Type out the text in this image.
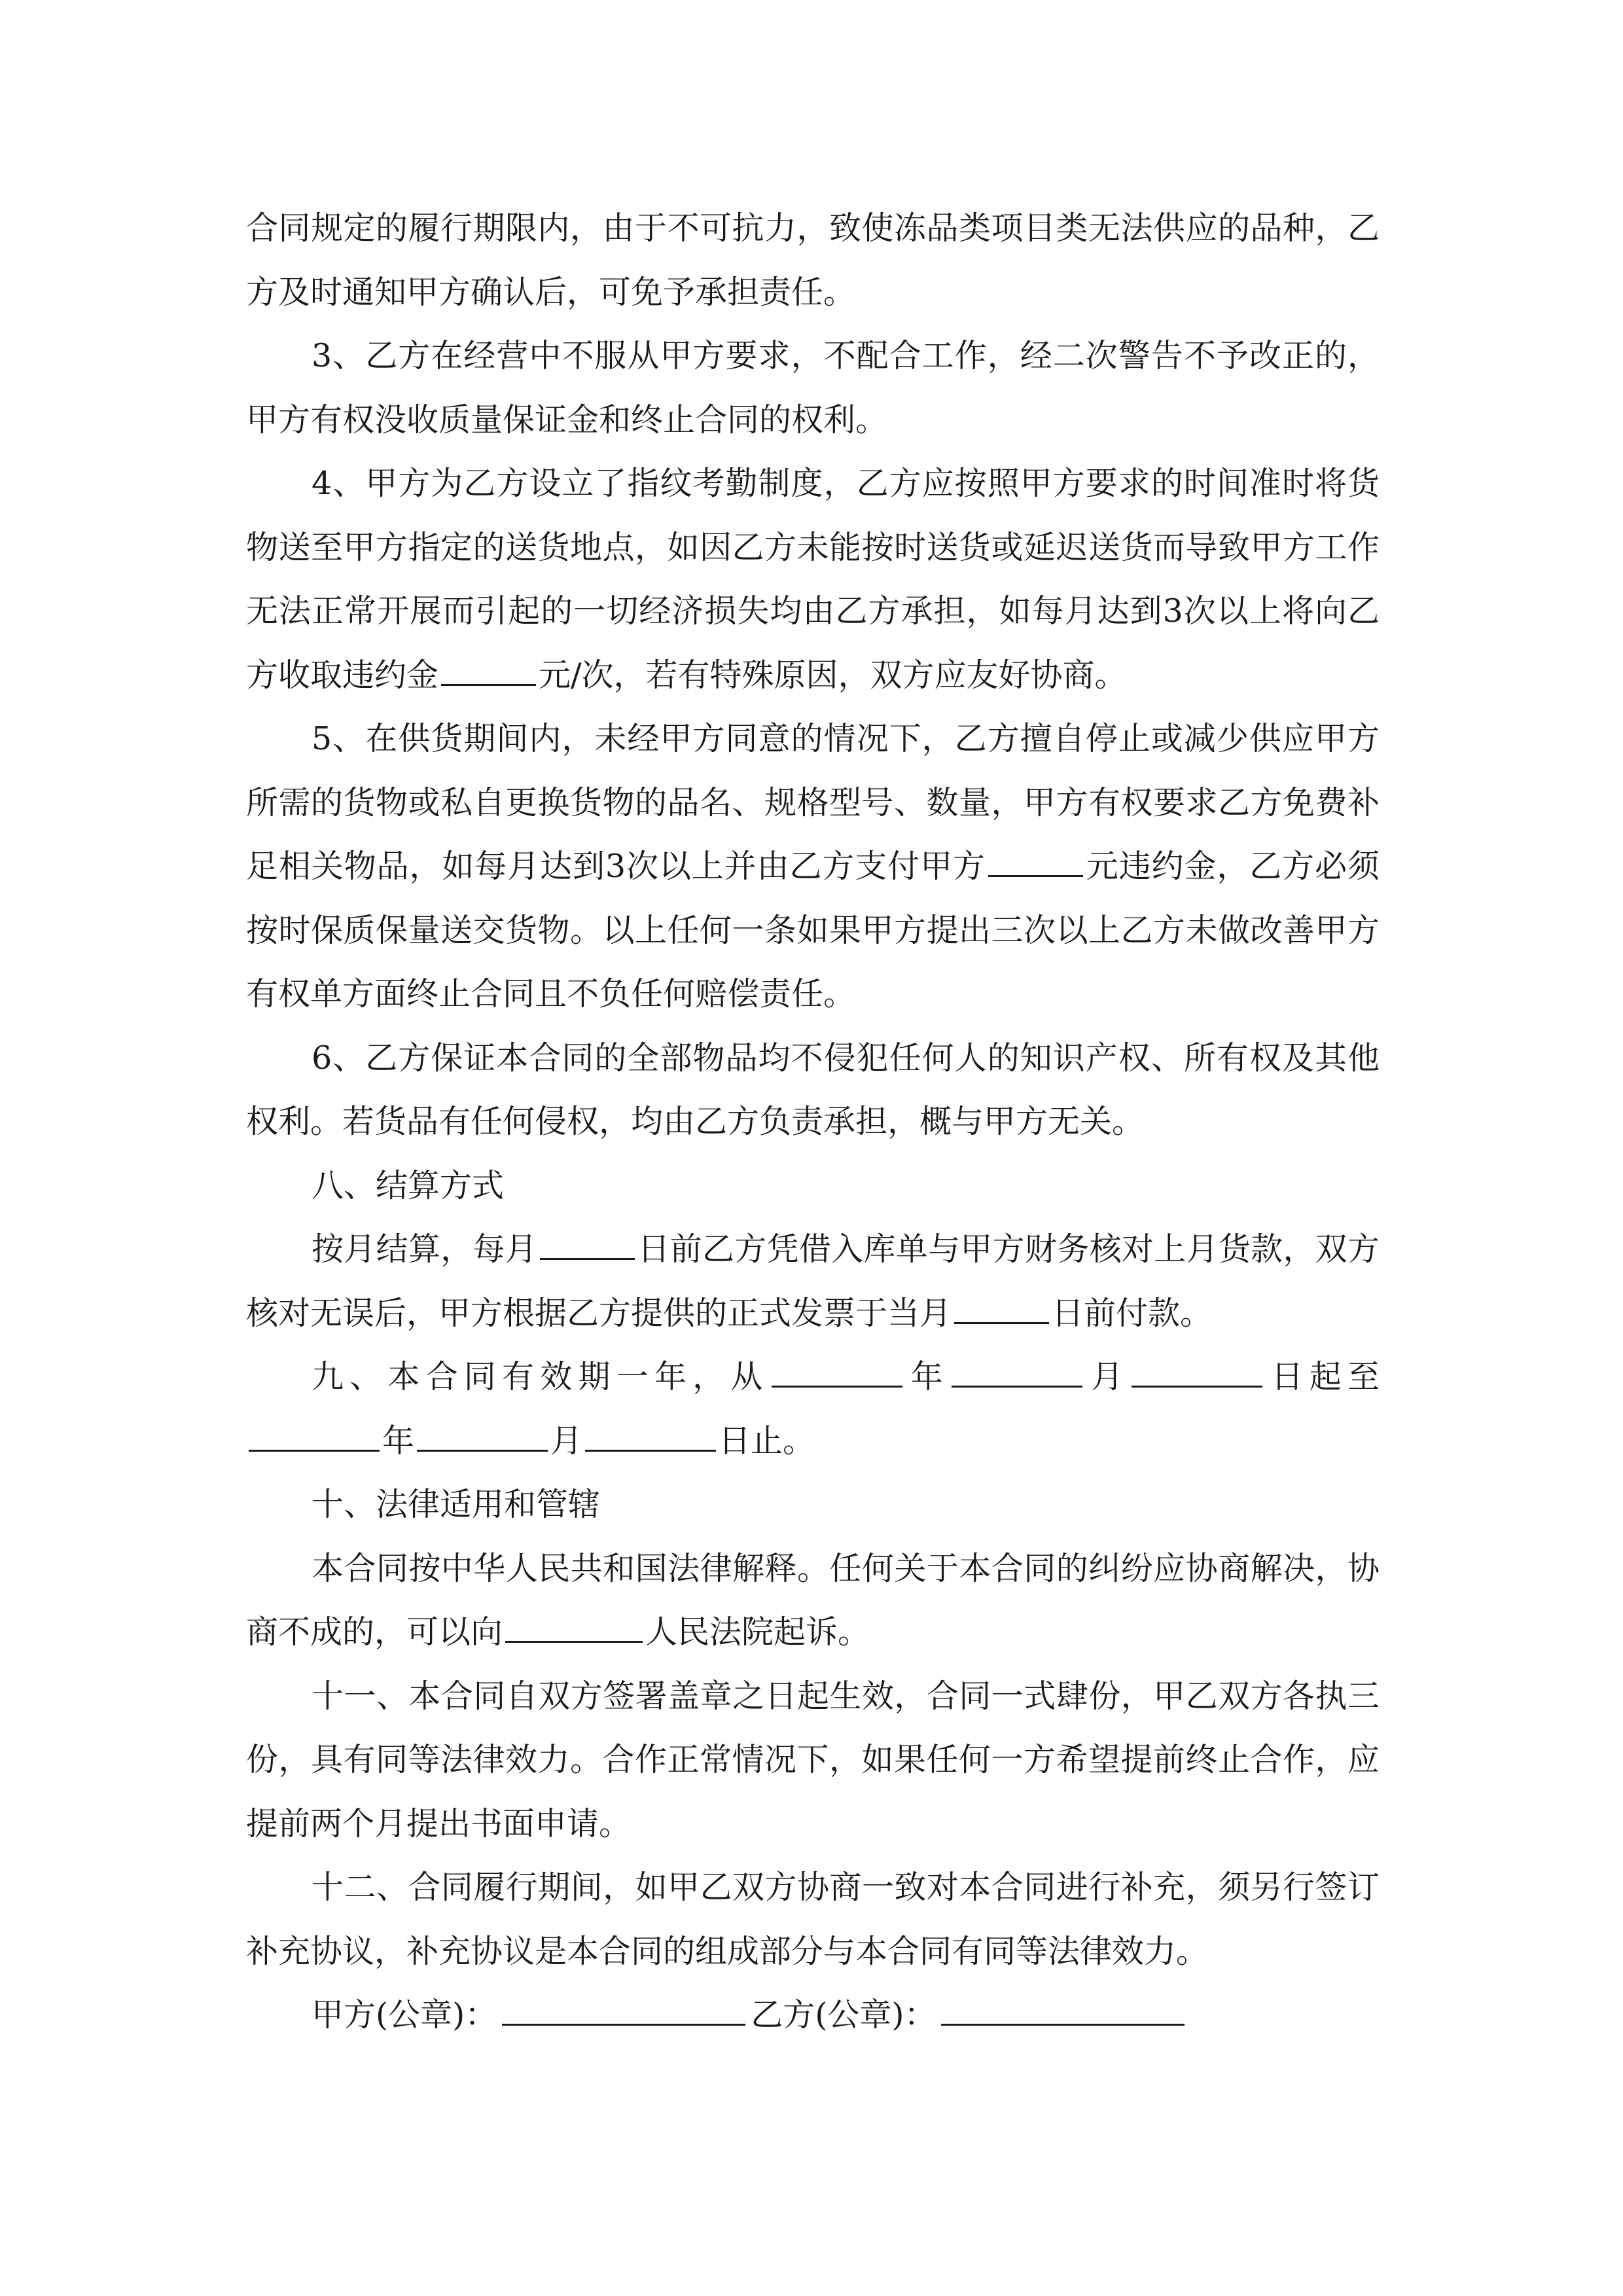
合同规定的履行期限内，由于不可抗力，致使冻品类项目类无法供应的品种，乙方及时通知甲方确认后，可免予承担责任。

3、乙方在经营中不服从甲方要求，不配合工作，经二次警告不予改正的，甲方有权没收质量保证金和终止合同的权利。

4、甲方为乙方设立了指纹考勤制度，乙方应按照甲方要求的时间准时将货物送至甲方指定的送货地点，如因乙方未能按时送货或延迟送货而导致甲方工作无法正常开展而引起的一切经济损失均由乙方承担，如每月达到3次以上将向乙方收取违约金	元/次，若有特殊原因，双方应友好协商。

5、在供货期间内，未经甲方同意的情况下，乙方擅自停止或减少供应甲方所需的货物或私自更换货物的品名、规格型号、数量，甲方有权要求乙方免费补足相关物品，如每月达到3次以上并由乙方支付甲方	元违约金，乙方必须按时保质保量送交货物。以上任何一条如果甲方提出三次以上乙方未做改善甲方有权单方面终止合同且不负任何赔偿责任。

6、乙方保证本合同的全部物品均不侵犯任何人的知识产权、所有权及其他权利。若货品有任何侵权，均由乙方负责承担，概与甲方无关。

八、结算方式

按月结算，每月	日前乙方凭借入库单与甲方财务核对上月货款，双方核对无误后，甲方根据乙方提供的正式发票于当月	日前付款。

九、本合同有效期一年，从	年	月	日起至年	月	日止。

十、法律适用和管辖

本合同按中华人民共和国法律解释。任何关于本合同的纠纷应协商解决，协商不成的，可以向	人民法院起诉。

十一、本合同自双方签署盖章之日起生效，合同一式肆份，甲乙双方各执三份，具有同等法律效力。合作正常情况下，如果任何一方希望提前终止合作，应提前两个月提出书面申请。

十二、合同履行期间，如甲乙双方协商一致对本合同进行补充，须另行签订补充协议，补充协议是本合同的组成部分与本合同有同等法律效力。

甲方(公章)：	乙方(公章)：
